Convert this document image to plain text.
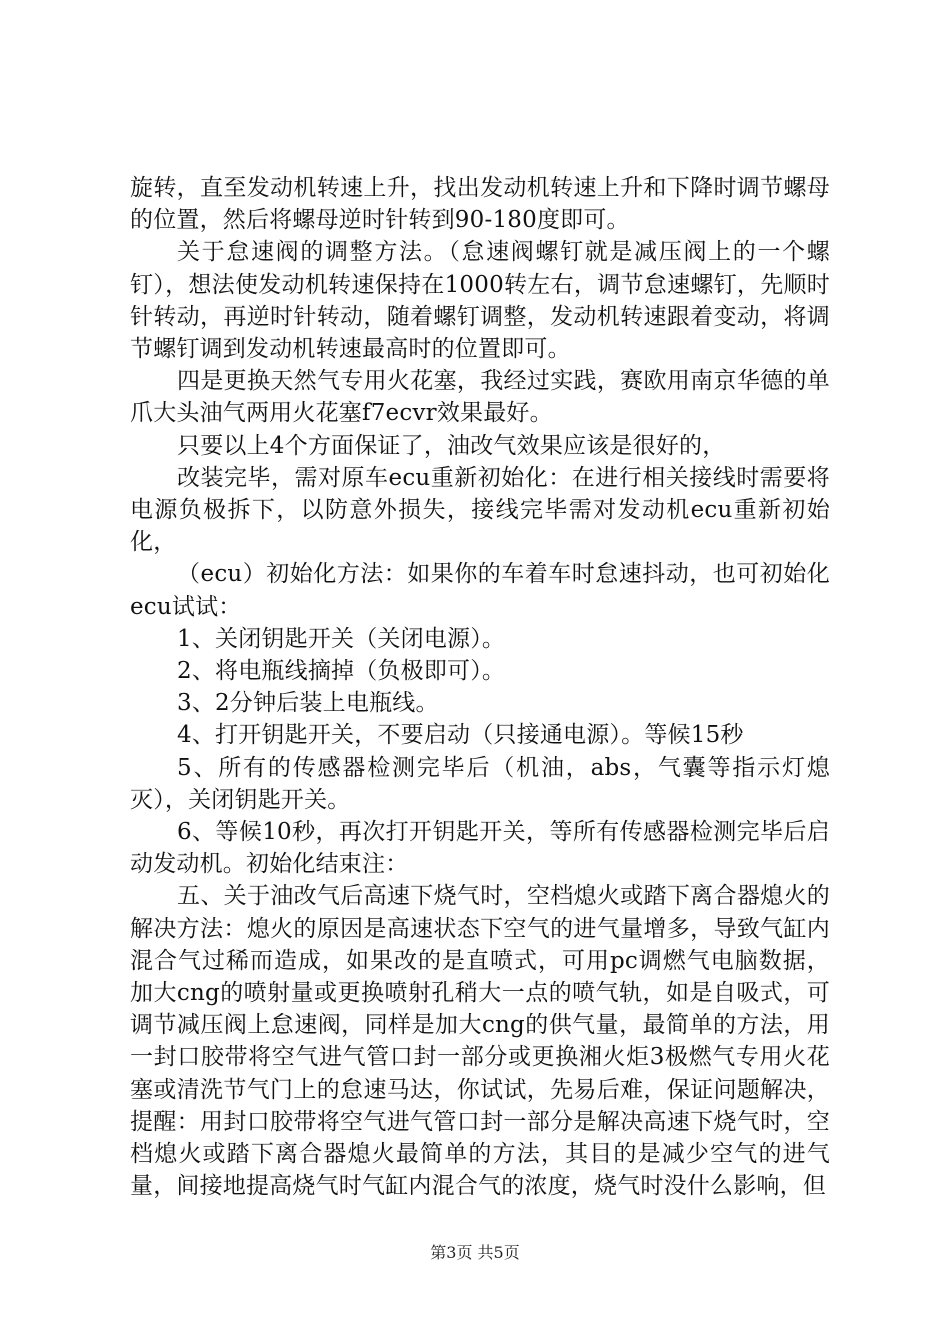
旋转，直至发动机转速上升，找出发动机转速上升和下降时调节螺母的位置，然后将螺母逆时针转到90-180度即可。

关于怠速阀的调整方法。（怠速阀螺钉就是减压阀上的一个螺钉），想法使发动机转速保持在1000转左右，调节怠速螺钉，先顺时针转动，再逆时针转动，随着螺钉调整，发动机转速跟着变动，将调节螺钉调到发动机转速最高时的位置即可。

四是更换天然气专用火花塞，我经过实践，赛欧用南京华德的单爪大头油气两用火花塞f7ecvr效果最好。

只要以上4个方面保证了，油改气效果应该是很好的，

改装完毕，需对原车ecu重新初始化：在进行相关接线时需要将电源负极拆下，以防意外损失，接线完毕需对发动机ecu重新初始化，

（ecu）初始化方法：如果你的车着车时怠速抖动，也可初始化ecu试试：

1、关闭钥匙开关（关闭电源）。

2、将电瓶线摘掉（负极即可）。

3、2分钟后装上电瓶线。

4、打开钥匙开关，不要启动（只接通电源）。等候15秒

5、所有的传感器检测完毕后（机油，abs，气囊等指示灯熄灭），关闭钥匙开关。

6、等候10秒，再次打开钥匙开关，等所有传感器检测完毕后启动发动机。初始化结束注：

五、关于油改气后高速下烧气时，空档熄火或踏下离合器熄火的解决方法：熄火的原因是高速状态下空气的进气量增多，导致气缸内混合气过稀而造成，如果改的是直喷式，可用pc调燃气电脑数据，加大cng的喷射量或更换喷射孔稍大一点的喷气轨，如是自吸式，可调节减压阀上怠速阀，同样是加大cng的供气量，最简单的方法，用一封口胶带将空气进气管口封一部分或更换湘火炬3极燃气专用火花塞或清洗节气门上的怠速马达，你试试，先易后难，保证问题解决，提醒：用封口胶带将空气进气管口封一部分是解决高速下烧气时，空档熄火或踏下离合器熄火最简单的方法，其目的是减少空气的进气量，间接地提高烧气时气缸内混合气的浓度，烧气时没什么影响，但

第3页 共5页
